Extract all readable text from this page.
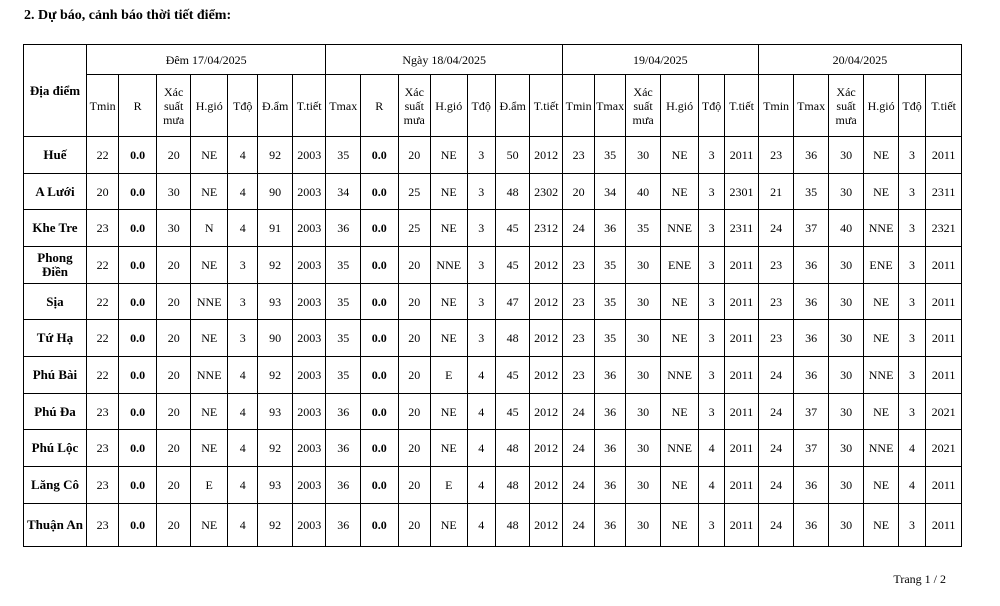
2. Dự báo, cảnh báo thời tiết điểm:
Địa điểm	Đêm 17/04/2025							Ngày 18/04/2025							19/04/2025						20/04/2025					
	Tmin	R	Xác suất mưa	H.gió	Tđộ	Đ.ẩm	T.tiết	Tmax	R	Xác suất mưa	H.gió	Tđộ	Đ.ẩm	T.tiết	Tmin	Tmax	Xác suất mưa	H.gió	Tđộ	T.tiết	Tmin	Tmax	Xác suất mưa	H.gió	Tđộ	T.tiết
Huế	22	0.0	20	NE	4	92	2003	35	0.0	20	NE	3	50	2012	23	35	30	NE	3	2011	23	36	30	NE	3	2011
A Lưới	20	0.0	30	NE	4	90	2003	34	0.0	25	NE	3	48	2302	20	34	40	NE	3	2301	21	35	30	NE	3	2311
Khe Tre	23	0.0	30	N	4	91	2003	36	0.0	25	NE	3	45	2312	24	36	35	NNE	3	2311	24	37	40	NNE	3	2321
Phong Điền	22	0.0	20	NE	3	92	2003	35	0.0	20	NNE	3	45	2012	23	35	30	ENE	3	2011	23	36	30	ENE	3	2011
Sịa	22	0.0	20	NNE	3	93	2003	35	0.0	20	NE	3	47	2012	23	35	30	NE	3	2011	23	36	30	NE	3	2011
Tứ Hạ	22	0.0	20	NE	3	90	2003	35	0.0	20	NE	3	48	2012	23	35	30	NE	3	2011	23	36	30	NE	3	2011
Phú Bài	22	0.0	20	NNE	4	92	2003	35	0.0	20	E	4	45	2012	23	36	30	NNE	3	2011	24	36	30	NNE	3	2011
Phú Đa	23	0.0	20	NE	4	93	2003	36	0.0	20	NE	4	45	2012	24	36	30	NE	3	2011	24	37	30	NE	3	2021
Phú Lộc	23	0.0	20	NE	4	92	2003	36	0.0	20	NE	4	48	2012	24	36	30	NNE	4	2011	24	37	30	NNE	4	2021
Lăng Cô	23	0.0	20	E	4	93	2003	36	0.0	20	E	4	48	2012	24	36	30	NE	4	2011	24	36	30	NE	4	2011
Thuận An	23	0.0	20	NE	4	92	2003	36	0.0	20	NE	4	48	2012	24	36	30	NE	3	2011	24	36	30	NE	3	2011
Trang 1 / 2
